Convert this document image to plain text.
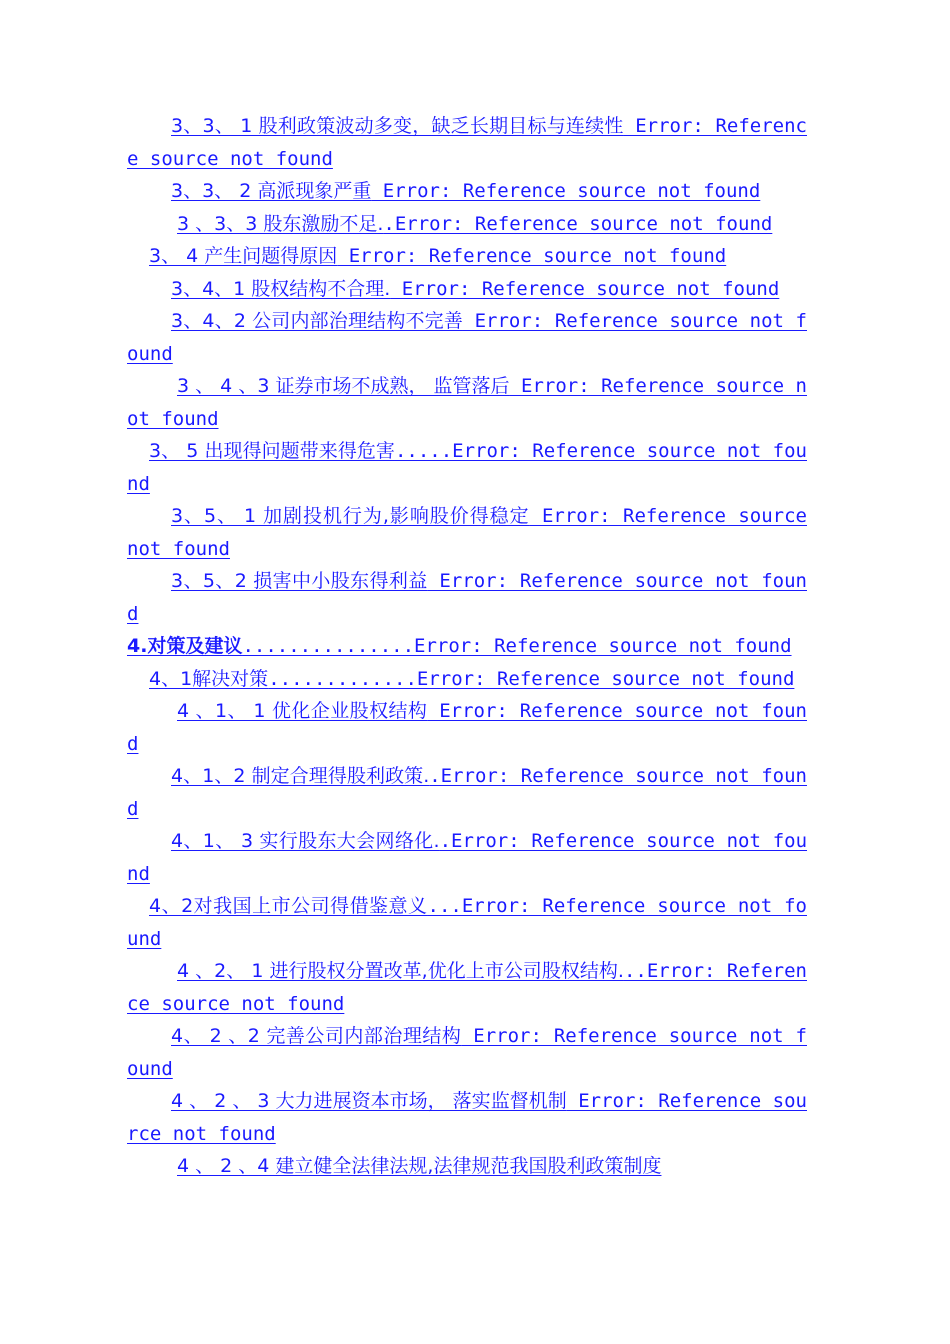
3、3、 1 股利政策波动多变，缺乏长期目标与连续性 Error: Reference source not found
3、3、 2 高派现象严重 Error: Reference source not found
3 、3、3 股东激励不足..Error: Reference source not found
3、 4 产生问题得原因 Error: Reference source not found
3、4、1 股权结构不合理. Error: Reference source not found
3、4、2 公司内部治理结构不完善 Error: Reference source not found
3 、 4 、3 证券市场不成熟， 监管落后 Error: Reference source not found
3、 5 出现得问题带来得危害.....Error: Reference source not found
3、5、 1 加剧投机行为,影响股价得稳定 Error: Reference source not found
3、5、2 损害中小股东得利益 Error: Reference source not found
4.对策及建议...............Error: Reference source not found
4、1解决对策.............Error: Reference source not found
4 、1、 1 优化企业股权结构 Error: Reference source not found
4、1、2 制定合理得股利政策..Error: Reference source not found
4、1、 3 实行股东大会网络化..Error: Reference source not found
4、2对我国上市公司得借鉴意义...Error: Reference source not found
4 、2、 1 进行股权分置改革,优化上市公司股权结构...Error: Reference source not found
4、 2 、2 完善公司内部治理结构 Error: Reference source not found
4 、 2 、 3 大力进展资本市场， 落实监督机制 Error: Reference source not found
4 、 2 、4 建立健全法律法规,法律规范我国股利政策制度
